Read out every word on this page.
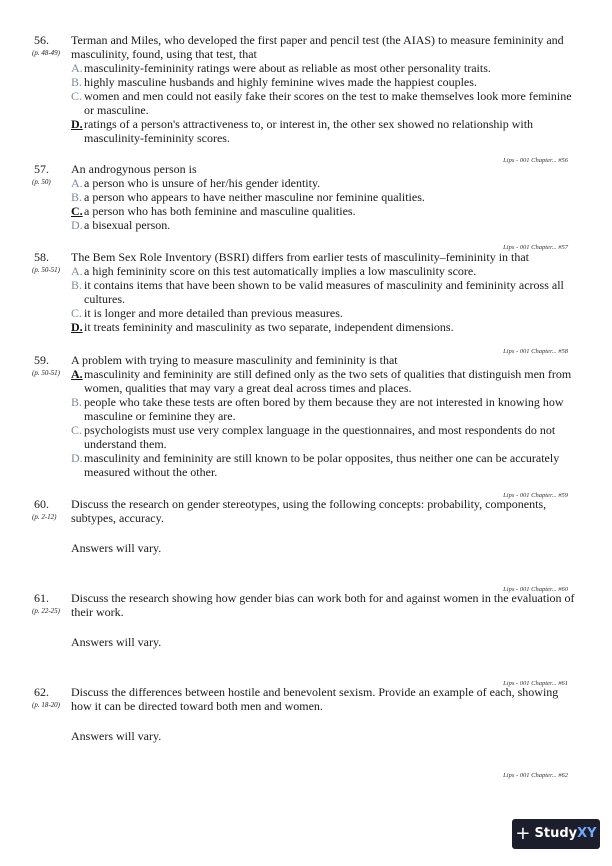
56.
(p. 48-49)
Terman and Miles, who developed the first paper and pencil test (the AIAS) to measure femininity and masculinity, found, using that test, that
A. masculinity-femininity ratings were about as reliable as most other personality traits.
B. highly masculine husbands and highly feminine wives made the happiest couples.
C. women and men could not easily fake their scores on the test to make themselves look more feminine or masculine.
D. ratings of a person's attractiveness to, or interest in, the other sex showed no relationship with masculinity-femininity scores.
Lips - 001 Chapter... #56
57.
(p. 50)
An androgynous person is
A. a person who is unsure of her/his gender identity.
B. a person who appears to have neither masculine nor feminine qualities.
C. a person who has both feminine and masculine qualities.
D. a bisexual person.
Lips - 001 Chapter... #57
58.
(p. 50-51)
The Bem Sex Role Inventory (BSRI) differs from earlier tests of masculinity–femininity in that
A. a high femininity score on this test automatically implies a low masculinity score.
B. it contains items that have been shown to be valid measures of masculinity and femininity across all cultures.
C. it is longer and more detailed than previous measures.
D. it treats femininity and masculinity as two separate, independent dimensions.
Lips - 001 Chapter... #58
59.
(p. 50-51)
A problem with trying to measure masculinity and femininity is that
A. masculinity and femininity are still defined only as the two sets of qualities that distinguish men from women, qualities that may vary a great deal across times and places.
B. people who take these tests are often bored by them because they are not interested in knowing how masculine or feminine they are.
C. psychologists must use very complex language in the questionnaires, and most respondents do not understand them.
D. masculinity and femininity are still known to be polar opposites, thus neither one can be accurately measured without the other.
Lips - 001 Chapter... #59
60.
(p. 2-12)
Discuss the research on gender stereotypes, using the following concepts: probability, components, subtypes, accuracy.
Answers will vary.
Lips - 001 Chapter... #60
61.
(p. 22-25)
Discuss the research showing how gender bias can work both for and against women in the evaluation of their work.
Answers will vary.
Lips - 001 Chapter... #61
62.
(p. 18-20)
Discuss the differences between hostile and benevolent sexism. Provide an example of each, showing how it can be directed toward both men and women.
Answers will vary.
Lips - 001 Chapter... #62
+ Study XY
